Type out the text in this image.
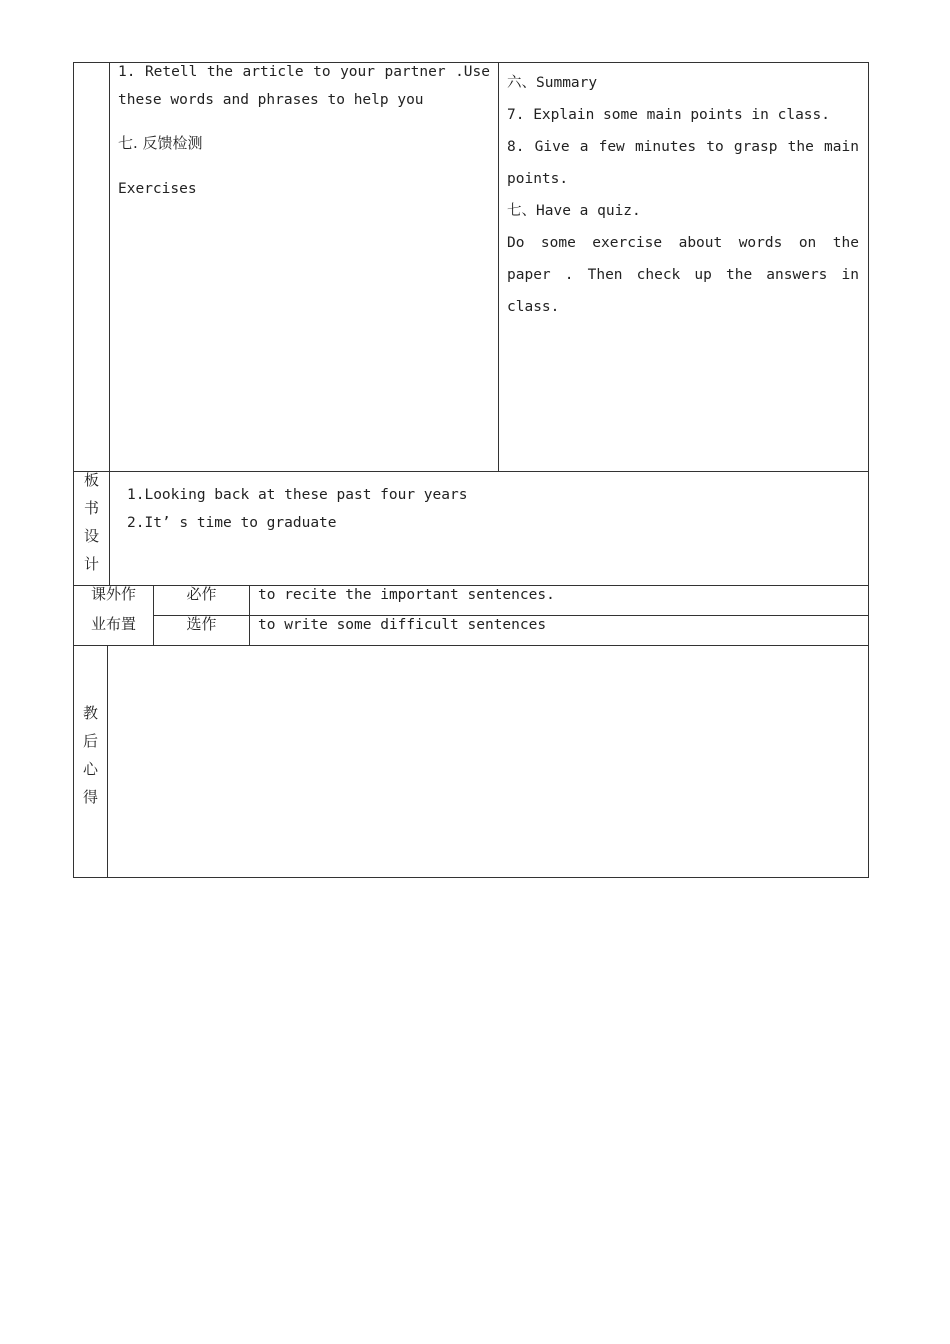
1. Retell the article to your partner .Use
these words and phrases to help you
七. 反馈检测
Exercises
六、Summary
7. Explain some main points in class.
8. Give a few minutes to grasp the main
points.
七、Have a quiz.
Do some exercise about words on the
paper . Then check up the answers in
class.
板
书
设
计
1.Looking back at these past four years
2.It’ s time to graduate
课外作
业布置
必作	to recite the important sentences.
选作	to write some difficult sentences
教
后
心
得
